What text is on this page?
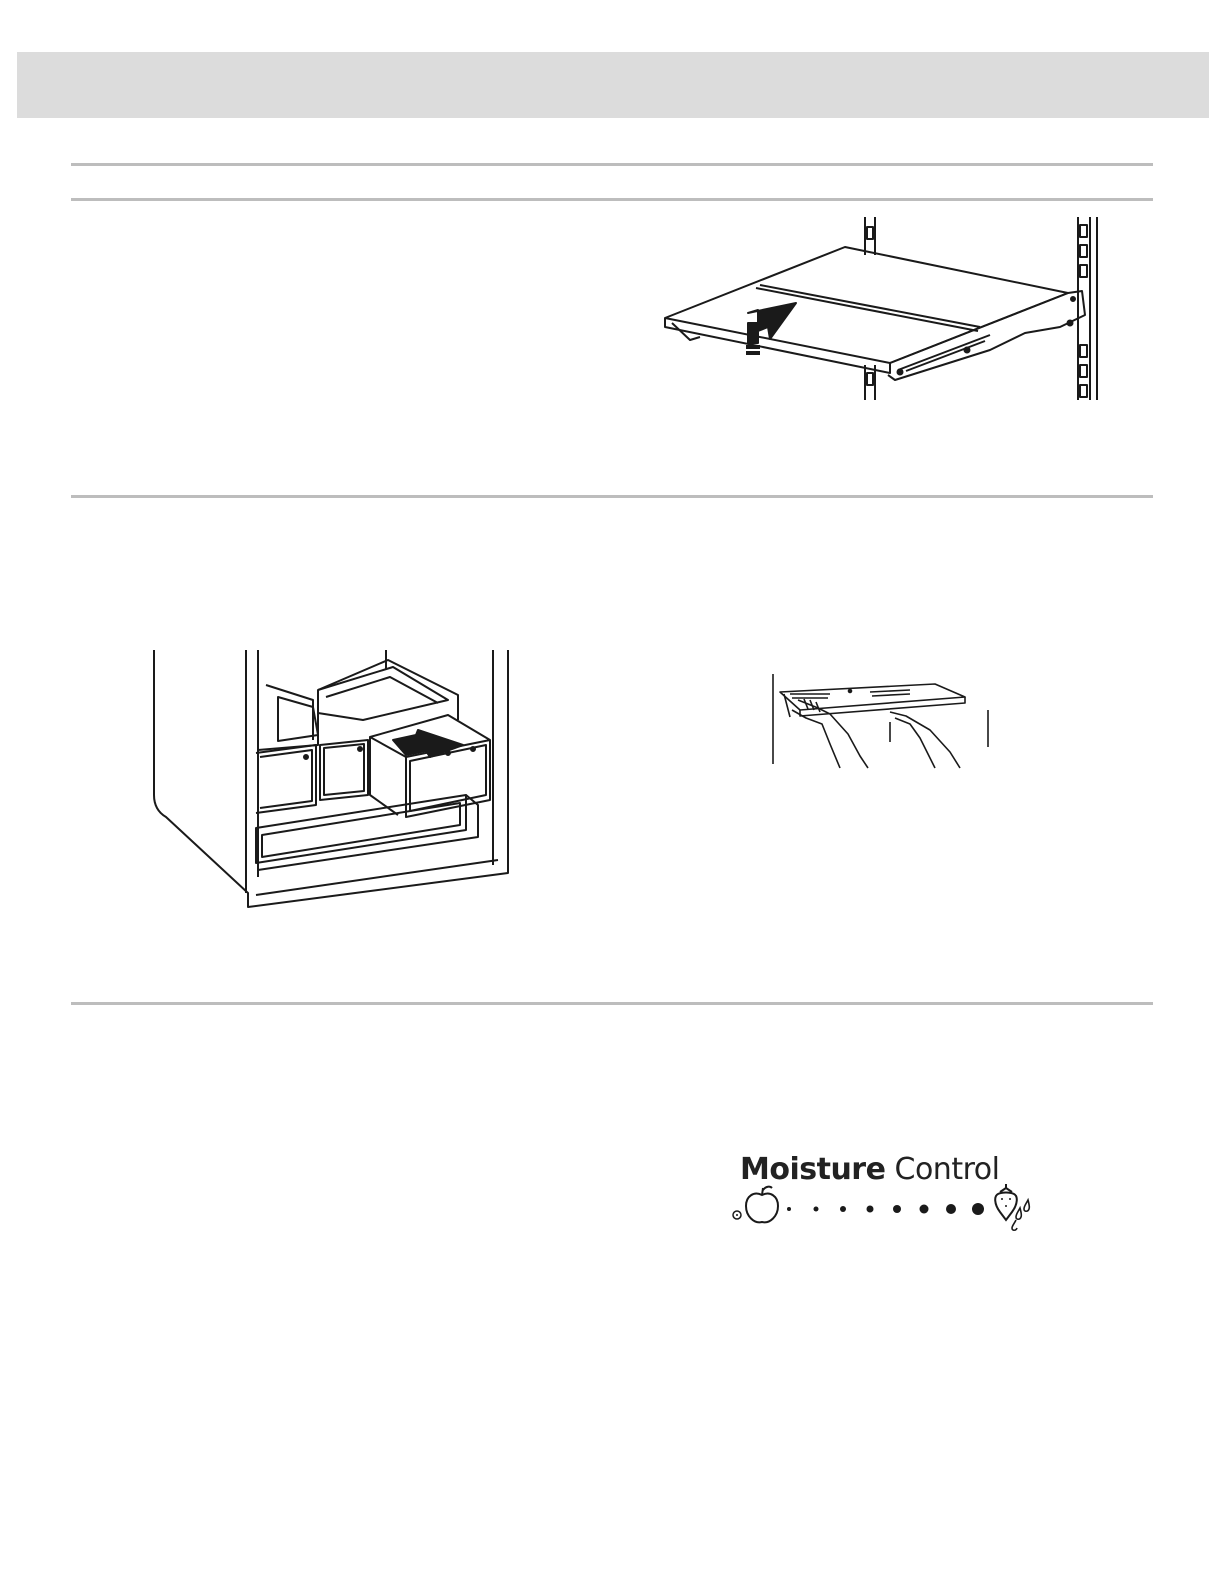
Moisture Control
